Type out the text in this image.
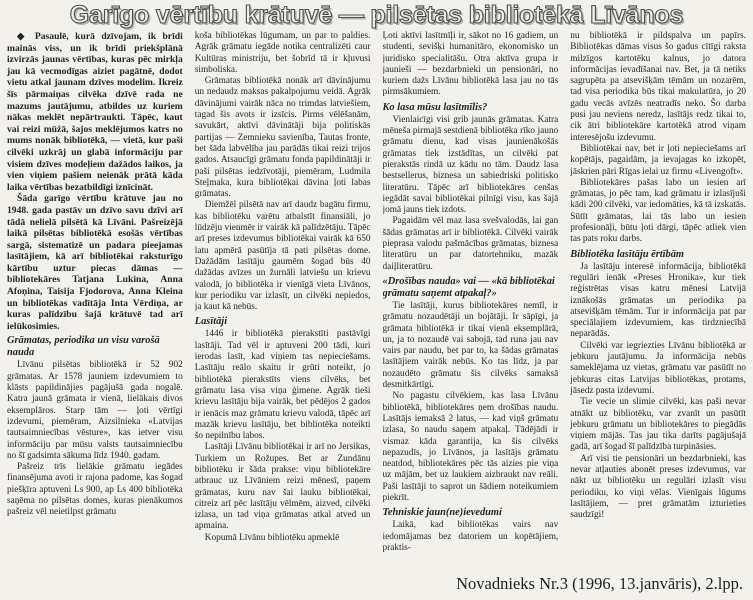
Garīgo vērtību krātuvē — pilsētas bibliotēkā Līvānos
◆ Pasaulē, kurā dzīvojam, ik brīdi mainās viss, un ik brīdi priekšplānā izvirzās jaunas vērtības, kuras pēc mirkļa jau kā vecmodīgas aiziet pagātnē, dodot vietu atkal jaunam dzīves modelim. Ikreiz šīs pārmaiņas cilvēka dzīvē rada ne mazums jautājumu, atbildes uz kuriem nākas meklēt nepārtraukti. Tāpēc, kaut vai reizi mūžā, šajos meklējumos katrs no mums nonāk bibliotēkā, — vietā, kur paši cilvēki uzkrāj un glabā informāciju par visiem dzīves modeļiem dažādos laikos, ja vien viņiem pašiem neienāk prātā kāda laika vērtības bezatbildīgi iznīcināt.
Šāda garīgo vērtību krātuve jau no 1948. gada pastāv un dzīvo savu dzīvi arī tādā nelielā pilsētā kā Līvāni. Pašreizējā laikā pilsētas bibliotēkā esošās vērtības sargā, sistematizē un padara pieejamas lasītājiem, kā arī bibliotēkai raksturīgo kārtību uztur piecas dāmas — bibliotekāres Tatjana Lukina, Anna Afoņina, Taisija Fjodorova, Anna Kleina un bibliotēkas vadītāja Inta Vērdiņa, ar kuras palīdzību šajā krātuvē tad arī ielūkosimies.
Grāmatas, periodika un visu varošā nauda
Līvānu pilsētas bibliotēkā ir 52 902 grāmatas. Ar 1578 jauniem izdevumiem to klāsts papildinājies pagājušā gada nogalē. Katra jaunā grāmata ir vienā, lielākais divos eksemplāros. Starp tām — ļoti vērtīgi izdevumi, piemēram, Aizsilnieka «Latvijas tautsaimniecības vēsture», kas ietver visu informāciju par mūsu valsts tautsaimniecību no šī gadsimta sākuma līdz 1940. gadam.
Pašreiz trīs lielākie grāmatu iegādes finansējuma avoti ir rajona padome, kas šogad piešķīra aptuveni Ls 900, ap Ls 400 bibliotēka saņēma no pilsētas domes, kuras pienākumos pašreiz vēl neietilpst grāmatu
koša bibliotēkas lūgumam, un par to paldies. Agrāk grāmatu iegāde notika centralizēti caur Kultūras ministriju, bet šobrīd tā ir kļuvusi simboliska.
Grāmatas bibliotēkā nonāk arī dāvinājumu un nedaudz maksas pakalpojumu veidā. Agrāk dāvinājumi vairāk nāca no trimdas latviešiem, tagad šis avots ir izsīcis. Pirms vēlēšanām, savukārt, aktīvi dāvinātāji bija politiskās partijas — Zemnieku savienība, Tautas fronte, bet šāda labvēlība jau parādās tikai reizi trijos gados. Atsaucīgi grāmatu fonda papildinātāji ir paši pilsētas iedzīvotāji, piemēram, Ludmila Steļmaka, kura bibliotēkai dāvina ļoti labas grāmatas.
Diemžēl pilsētā nav arī daudz bagātu firmu, kas bibliotēku varētu atbalstīt finansiāli, jo lūdzēju vienmēr ir vairāk kā palīdzētāju. Tāpēc arī preses izdevumus bibliotēkai vairāk kā 650 latu apmērā pasūtīja tā pati pilsētas dome. Dažādām lasītāju gaumēm šogad būs 40 dažādas avīzes un žurnāli latviešu un krievu valodā, jo bibliotēka ir vienīgā vieta Līvānos, kur periodiku var izlasīt, un cilvēki nepiedos, ja kaut kā nebūs.
Lasītāji
1446 ir bibliotēkā pierakstīti pastāvīgi lasītāji. Tad vēl ir aptuveni 200 tādi, kuri ierodas lasīt, kad viņiem tas nepieciešams. Lasītāju reālo skaitu ir grūti noteikt, jo bibliotēkā pierakstīts viens cilvēks, bet grāmatu lasa visa viņa ģimene. Agrāk tieši krievu lasītāju bija vairāk, bet pēdējos 2 gados ir ienācis maz grāmatu krievu valodā, tāpēc arī mazāk krievu lasītāju, bet bibliotēka noteikti šo nepilnību labos.
Lasītāji Līvānu bibliotēkai ir arī no Jersikas, Turkiem un Rožupes. Bet ar Zundānu bibliotēku ir šāda prakse: viņu bibliotekāre atbrauc uz Līvāniem reizi mēnesī, paņem grāmatas, kuru nav šai lauku bibliotēkai, citreiz arī pēc lasītāju vēlmēm, aizved, cilvēki izlasa, un tad viņa grāmatas atkal atved un apmaina.
Kopumā Līvānu bibliotēku apmeklē
Ļoti aktīvi lasītmīļi ir, sākot no 16 gadiem, un studenti, sevišķi humanitāro, ekonomisko un juridisko specialitāšu. Otra aktīva grupa ir jaunieši — bezdarbnieki un pensionāri, no kuriem dažs Līvānu bibliotēkā lasa jau no tās pirmsākumiem.
Ko lasa mūsu lasītmīlis?
Vienlaicīgi visi grib jaunās grāmatas. Katra mēneša pirmajā sestdienā bibliotēka rīko jauno grāmatu dienu, kad visas jaunienākošās grāmatas tiek izstādītas, un cilvēki pat pierakstās rindā uz kādu no tām. Daudz lasa bestsellerus, biznesa un sabiedriski politisko literatūru. Tāpēc arī bibliotekāres cenšas iegādāt savai bibliotēkai pilnīgi visu, kas šajā jomā jauns tiek izdots.
Pagaidām vēl maz lasa svešvalodās, lai gan šādas grāmatas arī ir bibliotēkā. Cilvēki vairāk pieprasa valodu pašmācības grāmatas, biznesa literatūru un par datortehniku, mazāk daiļliteratūru.
«Drošības nauda» vai — «kā bibliotēkai grāmatu saņemt atpakaļ?»
Tie lasītāji, kurus bibliotekāres nemīl, ir grāmatu nozaudētāji un bojātāji. Ir sāpīgi, ja grāmata bibliotēkā ir tikai vienā eksemplārā, un, ja to nozaudē vai sabojā, tad runa jau nav vairs par naudu, bet par to, ka šādas grāmatas lasītājiem vairāk nebūs. Ko tas līdz, ja par nozaudēto grāmatu šis cilvēks samaksā desmitkārtīgi.
No pagastu cilvēkiem, kas lasa Līvānu bibliotēkā, bibliotekāres ņem drošības naudu. Lasītājs iemaksā 2 latus, — kad viņš grāmatu izlasa, šo naudu saņem atpakaļ. Tādējādi ir vismaz kāda garantija, ka šis cilvēks nepazudīs, jo Līvānos, ja lasītājs grāmatu neatdod, bibliotekāres pēc tās aizies pie viņa uz mājām, bet uz laukiem aizbraukt nav reāli. Paši lasītāji to saprot un šādiem noteikumiem piekrīt.
Tehniskie jaun(ne)ievedumi
Laikā, kad bibliotēkas vairs nav iedomājamas bez datoriem un kopētājiem, praktis-
nu bibliotēkā ir pildspalva un papīrs. Bibliotēkas dāmas visus šo gadus cītīgi raksta milzīgos kartotēku kalnus, jo datora informācijas ievadīšanai nav. Bet, ja tā netiks sagrupēta pa atsevišķām tēmām un nozarēm, tad visa periodika būs tikai makulatūra, jo 20 gadu vecās avīzēs neatradīs neko. Šo darba pusi jau neviens neredz, lasītājs redz tikai to, cik ātri bibliotekāre kartotēkā atrod viņam interesējošu izdevumu.
Bibliotēkai nav, bet ir ļoti nepieciešams arī kopētājs, pagaidām, ja ievajagas ko izkopēt, jāskrien pāri Rīgas ielai uz firmu «Livengoft».
Bibliotekāres pašas labo un iesien arī grāmatas, jo pēc tam, kad grāmatu ir izlasījuši kādi 200 cilvēki, var iedomāties, kā tā izskatās. Sūtīt grāmatas, lai tās labo un iesien profesionāļi, būtu ļoti dārgi, tāpēc atliek vien tas pats roku darbs.
Bibliotēka lasītāju ērtībām
Ja lasītāju interesē informācija, bibliotēkā regulāri ienāk «Preses Hronika», kur tiek reģistrētas visas katru mēnesi Latvijā iznākošās grāmatas un periodika pa atsevišķām tēmām. Tur ir informācija pat par speciālajiem izdevumiem, kas tirdzniecībā neparādās.
Cilvēki var iegriezties Līvānu bibliotēkā ar jebkuru jautājumu. Ja informācija nebūs sameklējama uz vietas, grāmatu var pasūtīt no jebkuras citas Latvijas bibliotēkas, protams, jāsedz pasta izdevumi.
Tie vecie un slimie cilvēki, kas paši nevar atnākt uz bibliotēku, var zvanīt un pasūtīt jebkuru grāmatu un bibliotekāres to piegādās viņiem mājās. Tas jau tika darīts pagājušajā gadā, arī šogad šī palīdzība turpināsies.
Arī visi tie pensionāri un bezdarbnieki, kas nevar atļauties abonēt preses izdevumus, var nākt uz bibliotēku un regulāri izlasīt visu periodiku, ko viņi vēlas. Vienīgais lūgums lasītājiem, — pret grāmatām izturieties saudzīgi!
Novadnieks Nr.3 (1996, 13.janvāris), 2.lpp.
